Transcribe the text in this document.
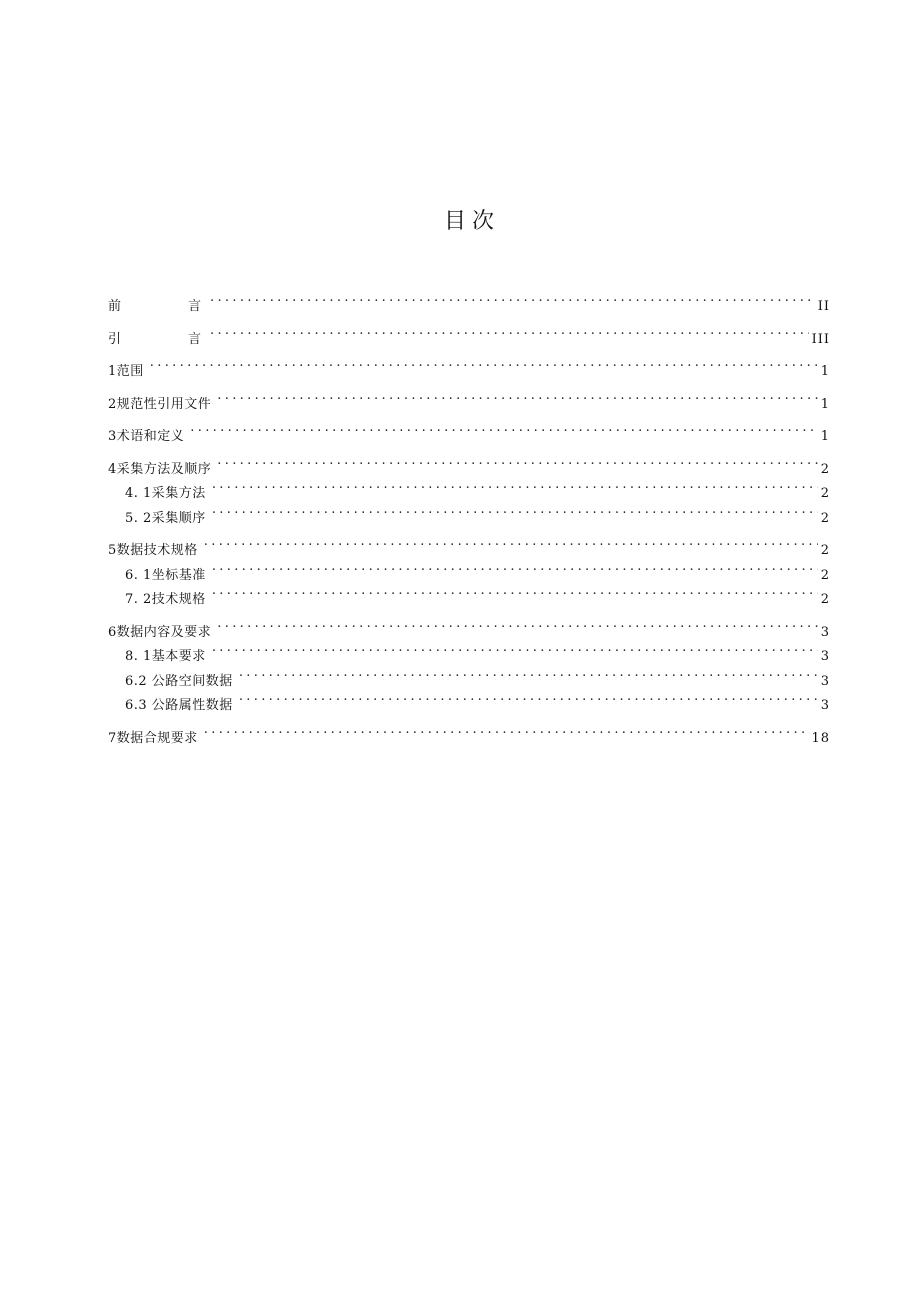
目次
前	言 . . .	II
引	言 . . .	III
1范围 . . .	1
2规范性引用文件 . . .	1
3术语和定义 . . .	1
4采集方法及顺序 . . .	2
4. 1采集方法 . . .	2
5. 2采集顺序 . . .	2
5数据技术规格 . . .	2
6. 1坐标基准 . . .	2
7. 2技术规格 . . .	2
6数据内容及要求 . . .	3
8. 1基本要求 . . .	3
6.2 公路空间数据 . . .	3
6.3 公路属性数据 . . .	3
7数据合规要求 . . .	18
